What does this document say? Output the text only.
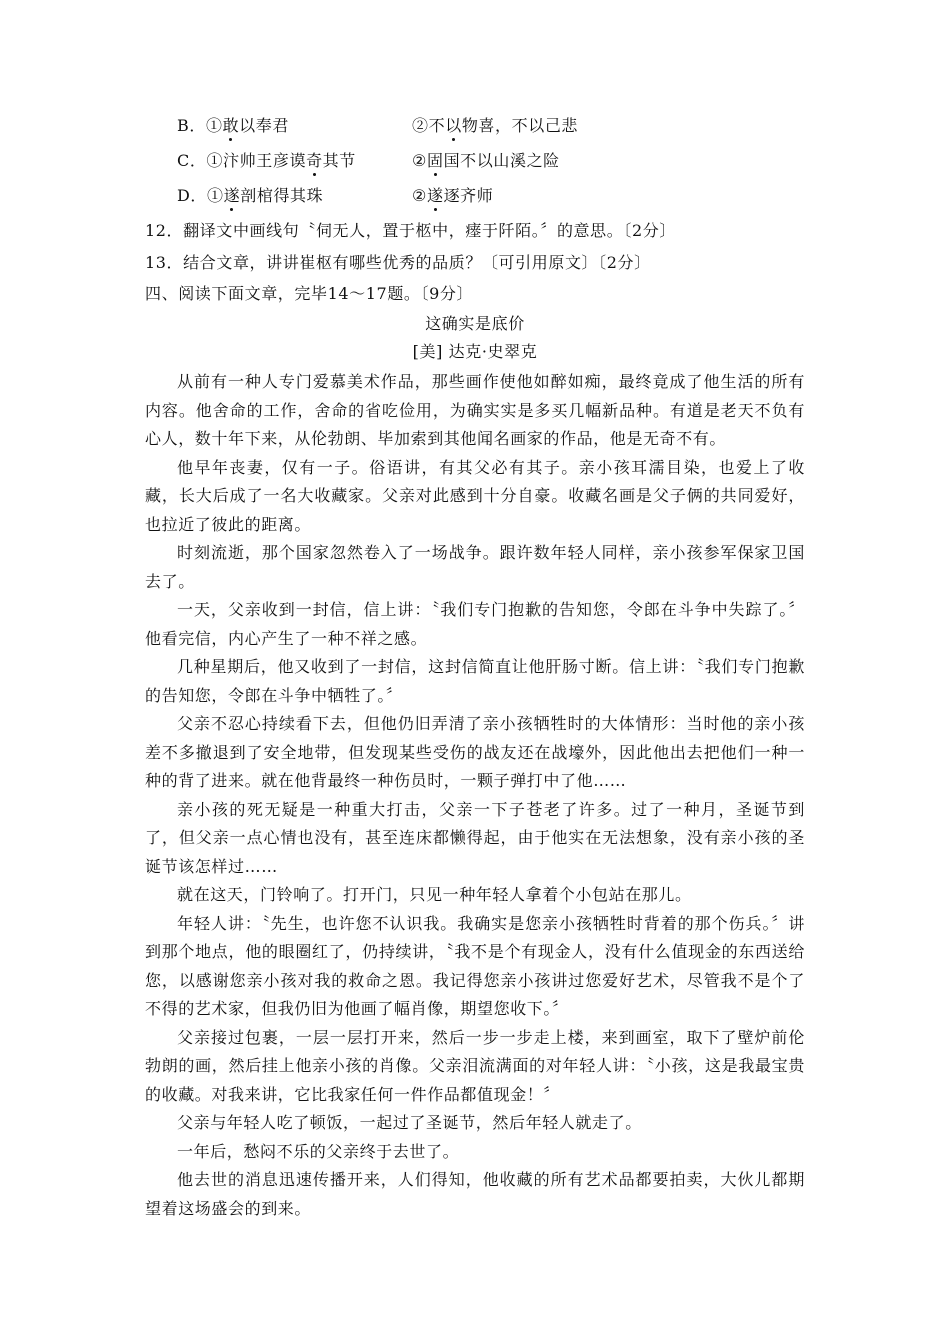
B．①敢以奉君	②不以物喜，不以己悲
C．①汴帅王彦谟奇其节	②固国不以山溪之险
D．①遂剖棺得其珠	②遂逐齐师
12．翻译文中画线句〝伺无人，置于柩中，瘗于阡陌。〞的意思。〔2分〕
13．结合文章，讲讲崔枢有哪些优秀的品质？〔可引用原文〕〔2分〕
四、阅读下面文章，完毕14～17题。〔9分〕
这确实是底价
[美] 达克·史翠克

从前有一种人专门爱慕美术作品，那些画作使他如醉如痴，最终竟成了他生活的所有内容。他舍命的工作，舍命的省吃俭用，为确实实是多买几幅新品种。有道是老天不负有心人，数十年下来，从伦勃朗、毕加索到其他闻名画家的作品，他是无奇不有。

他早年丧妻，仅有一子。俗语讲，有其父必有其子。亲小孩耳濡目染，也爱上了收藏，长大后成了一名大收藏家。父亲对此感到十分自豪。收藏名画是父子俩的共同爱好，也拉近了彼此的距离。

时刻流逝，那个国家忽然卷入了一场战争。跟许数年轻人同样，亲小孩参军保家卫国去了。

一天，父亲收到一封信，信上讲：〝我们专门抱歉的告知您，令郎在斗争中失踪了。〞他看完信，内心产生了一种不祥之感。

几种星期后，他又收到了一封信，这封信简直让他肝肠寸断。信上讲：〝我们专门抱歉的告知您，令郎在斗争中牺牲了。〞

父亲不忍心持续看下去，但他仍旧弄清了亲小孩牺牲时的大体情形：当时他的亲小孩差不多撤退到了安全地带，但发现某些受伤的战友还在战壕外，因此他出去把他们一种一种的背了进来。就在他背最终一种伤员时，一颗子弹打中了他……

亲小孩的死无疑是一种重大打击，父亲一下子苍老了许多。过了一种月，圣诞节到了，但父亲一点心情也没有，甚至连床都懒得起，由于他实在无法想象，没有亲小孩的圣诞节该怎样过……

就在这天，门铃响了。打开门，只见一种年轻人拿着个小包站在那儿。

年轻人讲：〝先生，也许您不认识我。我确实是您亲小孩牺牲时背着的那个伤兵。〞讲到那个地点，他的眼圈红了，仍持续讲，〝我不是个有现金人，没有什么值现金的东西送给您，以感谢您亲小孩对我的救命之恩。我记得您亲小孩讲过您爱好艺术，尽管我不是个了不得的艺术家，但我仍旧为他画了幅肖像，期望您收下。〞

父亲接过包裹，一层一层打开来，然后一步一步走上楼，来到画室，取下了壁炉前伦勃朗的画，然后挂上他亲小孩的肖像。父亲泪流满面的对年轻人讲：〝小孩，这是我最宝贵的收藏。对我来讲，它比我家任何一件作品都值现金！〞

父亲与年轻人吃了顿饭，一起过了圣诞节，然后年轻人就走了。

一年后，愁闷不乐的父亲终于去世了。

他去世的消息迅速传播开来，人们得知，他收藏的所有艺术品都要拍卖，大伙儿都期望着这场盛会的到来。
